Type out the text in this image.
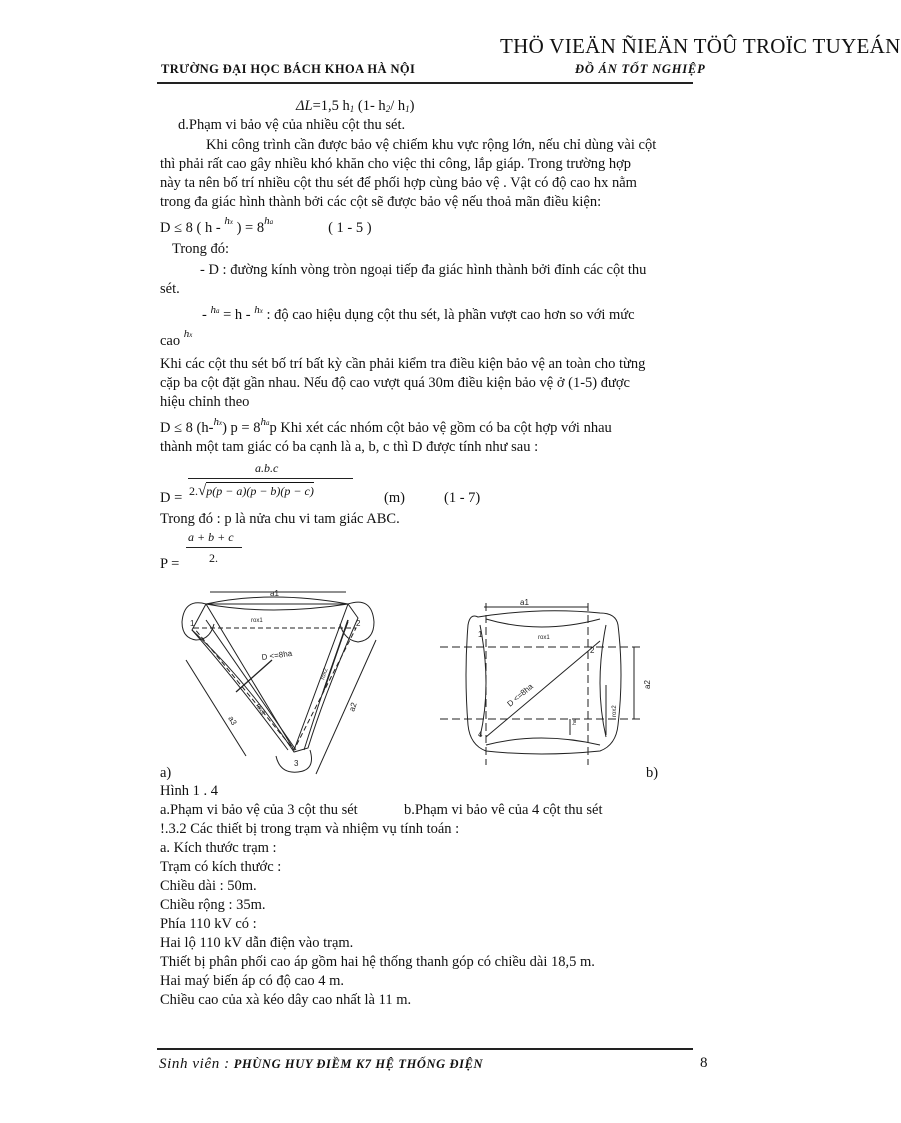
THÖ VIEÄN ÑIEÄN TÖÛ TROÏC TUYEÁN
TRƯỜNG ĐẠI HỌC BÁCH KHOA HÀ NỘI	ĐỒ ÁN TỐT NGHIỆP
ΔL=1,5 $h_1$ (1- $h_2/$ $h_1$)
d.Phạm vi bảo vệ của nhiều cột thu sét.
Khi công trình cần được bảo vệ chiếm khu vực rộng lớn, nếu chỉ dùng vài cột
thì phải rất cao gây nhiều khó khăn cho việc thi công, lắp giáp. Trong trường hợp
này ta nên bố trí nhiều cột thu sét để phối hợp cùng bảo vệ . Vật có độ cao hx nằm
trong đa giác hình thành bởi các cột sẽ được bảo vệ nếu thoả mãn điều kiện:
D ≤ 8 ( h - $^{hx}$ ) = $8^{ha}$	( 1 - 5 )
Trong đó:
- D : đường kính vòng tròn ngoại tiếp đa giác hình thành bởi đỉnh các cột thu
sét.
- $^{ha}$ = h - $^{hx}$ : độ cao hiệu dụng cột thu sét, là phần vượt cao hơn so với mức
cao $^{hx}$
Khi các cột thu sét bố trí bất kỳ cần phải kiểm tra điều kiện bảo vệ an toàn cho từng
cặp ba cột đặt gần nhau. Nếu độ cao vượt quá 30m điều kiện bảo vệ ở (1-5) được
hiệu chỉnh theo
D ≤ 8 (h-$^{hx}$) $p = 8^{ha}p$ Khi xét các nhóm cột bảo vệ gồm có ba cột hợp với nhau
thành một tam giác có ba cạnh là a, b, c thì D được tính như sau :
a.b.c
D = 2.√p(p − a)(p − b)(p − c)	(m)	(1 - 7)
Trong đó : p là nửa chu vi tam giác ABC.
a + b + c
P = 2.
a1
rox1
D <=8ha
a2
a3
rox3
rox2
1	2
3
a1
rox1
D <=8ha	a2
rox2
ha
1
2
4
a)	b)
Hình 1 . 4
a.Phạm vi bảo vệ của 3 cột thu sét	b.Phạm vi bảo vê của 4 cột thu sét
!.3.2 Các thiết bị trong trạm và nhiệm vụ tính toán :
a. Kích thước trạm :
Trạm có kích thước :
Chiều dài : 50m.
Chiều rộng : 35m.
Phía 110 kV có :
Hai lộ 110 kV dẫn điện vào trạm.
Thiết bị phân phối cao áp gồm hai hệ thống thanh góp có chiều dài 18,5 m.
Hai maý biến áp có độ cao 4 m.
Chiều cao của xà kéo dây cao nhất là 11 m.
Sinh viên : PHÙNG HUY ĐIỀM K7 HỆ THỐNG ĐIỆN	8
